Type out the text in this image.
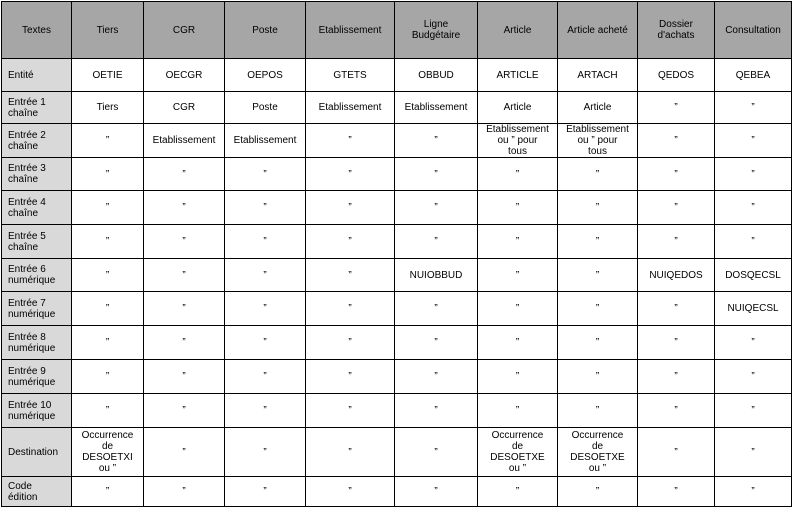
Textes	Tiers	CGR	Poste	Etablissement	Ligne
Budgétaire	Article	Article acheté	Dossier
d'achats	Consultation
Entité	OETIE	OECGR	OEPOS	GTETS	OBBUD	ARTICLE	ARTACH	QEDOS	QEBEA
Entrée 1
chaîne	Tiers	CGR	Poste	Etablissement	Etablissement	Article	Article	”	”
Entrée 2
chaîne	”	Etablissement	Etablissement	”	”	Etablissement
ou ” pour
tous	Etablissement
ou ” pour
tous	”	”
Entrée 3
chaîne	”	”	”	”	”	”	”	”	”
Entrée 4
chaîne	”	”	”	”	”	”	”	”	”
Entrée 5
chaîne	”	”	”	”	”	”	”	”	”
Entrée 6
numérique	”	”	”	”	NUIOBBUD	”	”	NUIQEDOS	DOSQECSL
Entrée 7
numérique	”	”	”	”	”	”	”	”	NUIQECSL
Entrée 8
numérique	”	”	”	”	”	”	”	”	”
Entrée 9
numérique	”	”	”	”	”	”	”	”	”
Entrée 10
numérique	”	”	”	”	”	”	”	”	”
Destination	Occurrence
de
DESOETXI
ou ”	”	”	”	”	Occurrence
de
DESOETXE
ou ”	Occurrence
de
DESOETXE
ou ”	”	”
Code
édition	”	”	”	”	”	”	”	”	”
